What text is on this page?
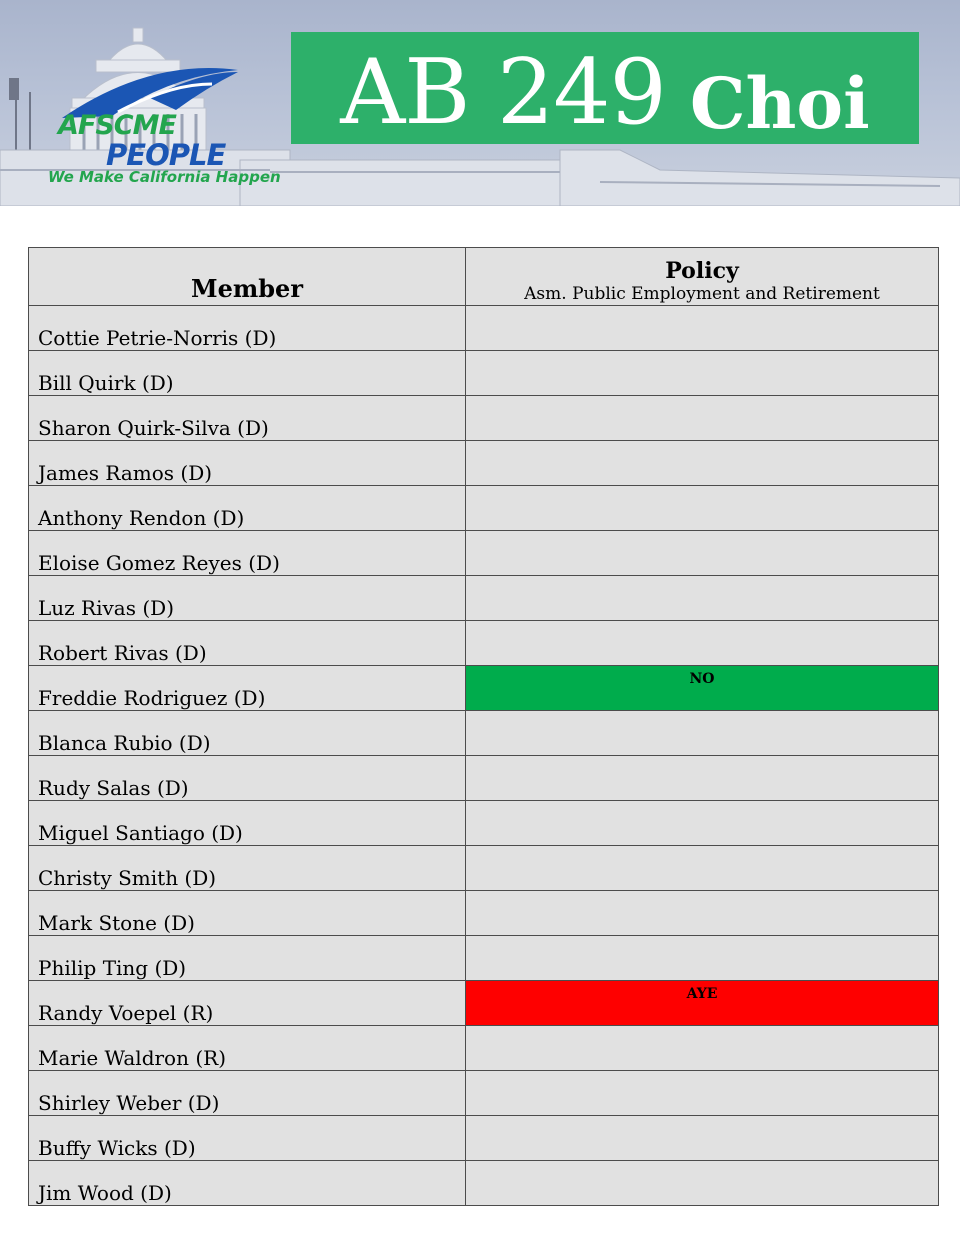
AFSCME
PEOPLE
We Make California Happen
AB 249 Choi
Member	Policy
Asm. Public Employment and Retirement

Cottie Petrie-Norris (D)	

Bill Quirk (D)	

Sharon Quirk-Silva (D)	

James Ramos (D)	

Anthony Rendon (D)	

Eloise Gomez Reyes (D)	

Luz Rivas (D)	

Robert Rivas (D)	

Freddie Rodriguez (D)	NO

Blanca Rubio (D)	

Rudy Salas (D)	

Miguel Santiago (D)	

Christy Smith (D)	

Mark Stone (D)	

Philip Ting (D)	

Randy Voepel (R)	AYE

Marie Waldron (R)	

Shirley Weber (D)	

Buffy Wicks (D)	

Jim Wood (D)	
